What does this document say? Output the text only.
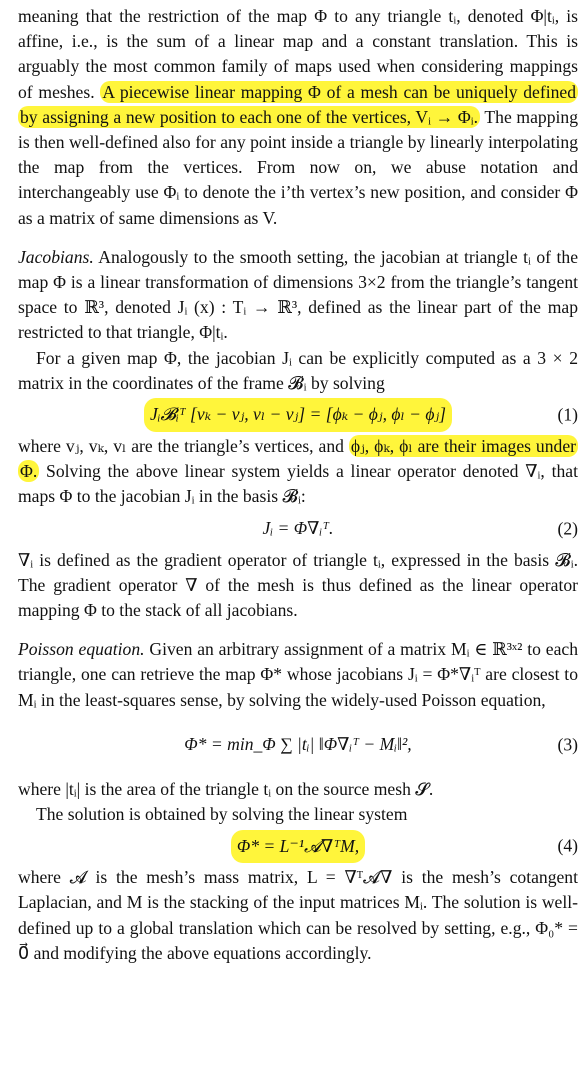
meaning that the restriction of the map Φ to any triangle tᵢ, denoted Φ|tᵢ, is affine, i.e., is the sum of a linear map and a constant translation. This is arguably the most common family of maps used when considering mappings of meshes. A piecewise linear mapping Φ of a mesh can be uniquely defined by assigning a new position to each one of the vertices, Vᵢ → Φᵢ. The mapping is then well-defined also for any point inside a triangle by linearly interpolating the map from the vertices. From now on, we abuse notation and interchangeably use Φᵢ to denote the i’th vertex’s new position, and consider Φ as a matrix of same dimensions as V.

Jacobians. Analogously to the smooth setting, the jacobian at triangle tᵢ of the map Φ is a linear transformation of dimensions 3×2 from the triangle’s tangent space to ℝ³, denoted Jᵢ (x) : Tᵢ → ℝ³, defined as the linear part of the map restricted to that triangle, Φ|tᵢ.

For a given map Φ, the jacobian Jᵢ can be explicitly computed as a 3 × 2 matrix in the coordinates of the frame 𝓑ᵢ by solving

Jᵢ𝓑ᵢᵀ [vₖ − vⱼ, vₗ − vⱼ] = [ϕₖ − ϕⱼ, ϕₗ − ϕⱼ]	(1)

where vⱼ, vₖ, vₗ are the triangle’s vertices, and ϕⱼ, ϕₖ, ϕₗ are their images under Φ. Solving the above linear system yields a linear operator denoted ∇ᵢ, that maps Φ to the jacobian Jᵢ in the basis 𝓑ᵢ:

Jᵢ = Φ∇ᵢᵀ.	(2)

∇ᵢ is defined as the gradient operator of triangle tᵢ, expressed in the basis 𝓑ᵢ. The gradient operator ∇ of the mesh is thus defined as the linear operator mapping Φ to the stack of all jacobians.

Poisson equation. Given an arbitrary assignment of a matrix Mᵢ ∈ ℝ³ˣ² to each triangle, one can retrieve the map Φ* whose jacobians Jᵢ = Φ*∇ᵢᵀ are closest to Mᵢ in the least-squares sense, by solving the widely-used Poisson equation,

Φ* = min_Φ ∑ |tᵢ| ‖Φ∇ᵢᵀ − Mᵢ‖²,	(3)

where |tᵢ| is the area of the triangle tᵢ on the source mesh 𝓢.

The solution is obtained by solving the linear system

Φ* = L⁻¹𝓐∇ᵀM,	(4)

where 𝓐 is the mesh’s mass matrix, L = ∇ᵀ𝓐∇ is the mesh’s cotangent Laplacian, and M is the stacking of the input matrices Mᵢ. The solution is well-defined up to a global translation which can be resolved by setting, e.g., Φ₀* = 0⃗ and modifying the above equations accordingly.
